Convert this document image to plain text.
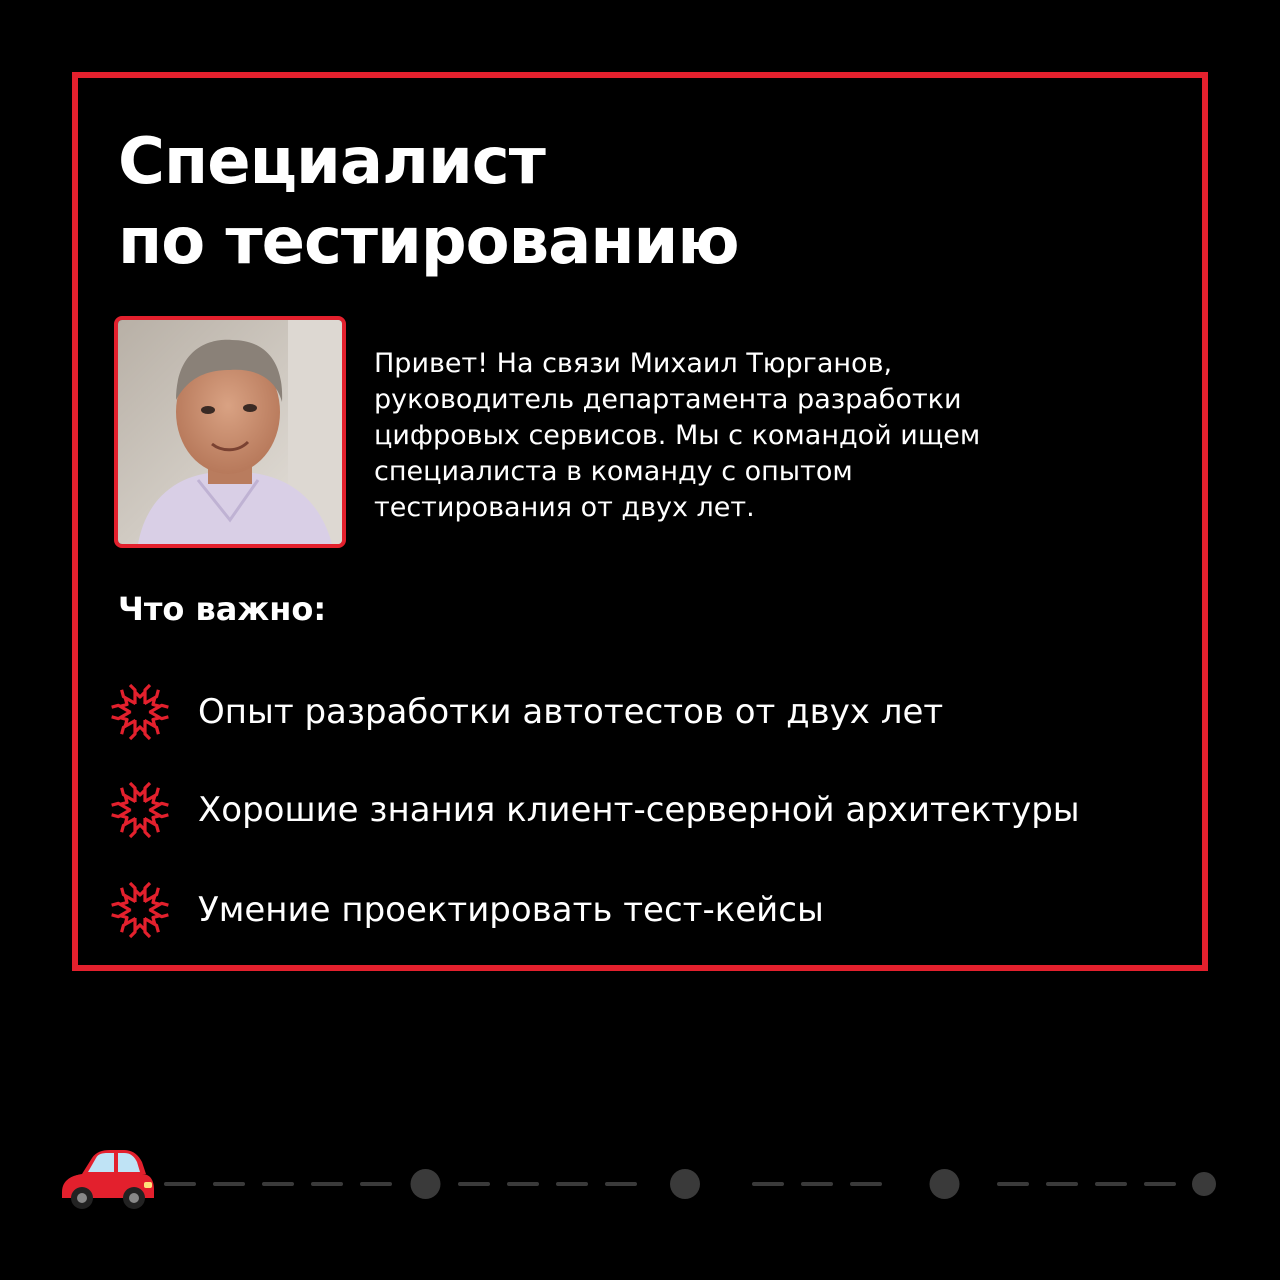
Специалист
по тестированию
Привет! На связи Михаил Тюрганов,
руководитель департамента разработки
цифровых сервисов. Мы с командой ищем
специалиста в команду с опытом
тестирования от двух лет.
Что важно:
Опыт разработки автотестов от двух лет
Хорошие знания клиент-серверной архитектуры
Умение проектировать тест-кейсы
